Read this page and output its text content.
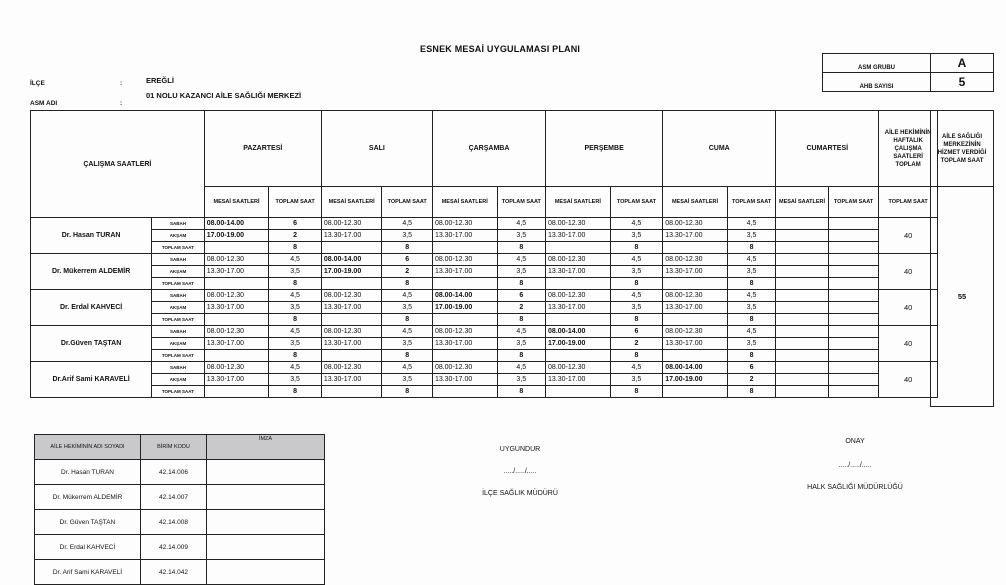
ESNEK MESAİ UYGULAMASI PLANI
İLÇE	:	EREĞLİ
ASM ADI	:
01 NOLU KAZANCI AİLE SAĞLIĞI MERKEZİ
ASM GRUBU	A
AHB SAYISI	5
ÇALIŞMA SAATLERİ		PAZARTESİ		SALI		ÇARŞAMBA		PERŞEMBE		CUMA		CUMARTESİ		AİLE HEKİMİNİN HAFTALIK ÇALIŞMA SAATLERİ TOPLAM
		MESAİ SAATLERİ	TOPLAM SAAT	MESAİ SAATLERİ	TOPLAM SAAT	MESAİ SAATLERİ	TOPLAM SAAT	MESAİ SAATLERİ	TOPLAM SAAT	MESAİ SAATLERİ	TOPLAM SAAT	MESAİ SAATLERİ	TOPLAM SAAT	TOPLAM SAAT
Dr. Hasan TURAN	SABAH	08.00-14.00	6	08.00-12.30	4,5	08.00-12.30	4,5	08.00-12.30	4,5	08.00-12.30	4,5			40
	AKŞAM	17.00-19.00	2	13.30-17.00	3,5	13.30-17.00	3,5	13.30-17.00	3,5	13.30-17.00	3,5			
	TOPLAM SAAT		8		8		8		8		8			
Dr. Mükerrem ALDEMİR	SABAH	08.00-12.30	4,5	08.00-14.00	6	08.00-12.30	4,5	08.00-12.30	4,5	08.00-12.30	4,5			40
	AKŞAM	13.30-17.00	3,5	17.00-19.00	2	13.30-17.00	3,5	13.30-17.00	3,5	13.30-17.00	3,5			
	TOPLAM SAAT		8		8		8		8		8			
Dr. Erdal KAHVECİ	SABAH	08.00-12.30	4,5	08.00-12.30	4,5	08.00-14.00	6	08.00-12.30	4,5	08.00-12.30	4,5			40
	AKŞAM	13.30-17.00	3,5	13.30-17.00	3,5	17.00-19.00	2	13.30-17.00	3,5	13.30-17.00	3,5			
	TOPLAM SAAT		8		8		8		8		8			
Dr.Güven TAŞTAN	SABAH	08.00-12.30	4,5	08.00-12.30	4,5	08.00-12.30	4,5	08.00-14.00	6	08.00-12.30	4,5			40
	AKŞAM	13.30-17.00	3,5	13.30-17.00	3,5	13.30-17.00	3,5	17.00-19.00	2	13.30-17.00	3,5			
	TOPLAM SAAT		8		8		8		8		8			
Dr.Arif Sami KARAVELİ	SABAH	08.00-12.30	4,5	08.00-12.30	4,5	08.00-12.30	4,5	08.00-12.30	4,5	08.00-14.00	6			40
	AKŞAM	13.30-17.00	3,5	13.30-17.00	3,5	13.30-17.00	3,5	13.30-17.00	3,5	17.00-19.00	2			
	TOPLAM SAAT		8		8		8		8		8			
AİLE SAĞLIĞI MERKEZİNİN HİZMET VERDİĞİ TOPLAM SAAT
55
AİLE HEKİMİNİN ADI SOYADI	BİRİM KODU	İMZA
Dr. Hasan TURAN	42.14.006	
Dr. Mükerrem ALDEMİR	42.14.007	
Dr. Güven TAŞTAN	42.14.008	
Dr. Erdal KAHVECİ	42.14.009	
Dr. Arif Sami KARAVELİ	42.14.042	
UYGUNDUR
...../...../.....
İLÇE SAĞLIK MÜDÜRÜ
ONAY
...../...../.....
HALK SAĞLIĞI MÜDÜRLÜĞÜ
